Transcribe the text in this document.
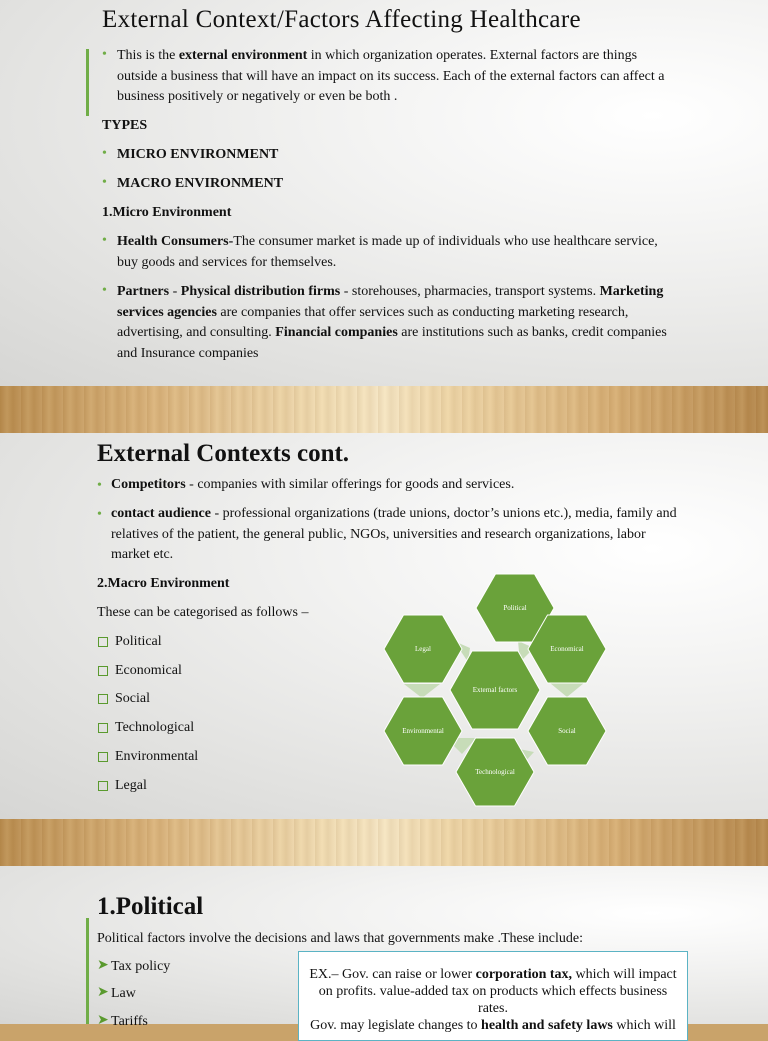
External Context/Factors Affecting Healthcare
• This is the external environment in which organization operates. External factors are things
outside a business that will have an impact on its success. Each of the external factors can affect a
business positively or negatively or even be both .

TYPES

• MICRO ENVIRONMENT

• MACRO ENVIRONMENT

1.Micro Environment

• Health Consumers-The consumer market is made up of individuals who use healthcare service,
buy goods and services for themselves.

• Partners - Physical distribution firms - storehouses, pharmacies, transport systems. Marketing
services agencies are companies that offer services such as conducting marketing research,
advertising, and consulting. Financial companies are institutions such as banks, credit companies
and Insurance companies

External Contexts cont.
• Competitors - companies with similar offerings for goods and services.

• contact audience - professional organizations (trade unions, doctor’s unions etc.), media, family and
relatives of the patient, the general public, NGOs, universities and research organizations, labor
market etc.

2.Macro Environment

These can be categorised as follows –

Political

Economical

Social

Technological

Environmental

Legal

Political
Economical
Social
Technological
Environmental
Legal
External factors
1.Political

Political factors involve the decisions and laws that governments make .These include:

➤ Tax policy

➤ Law

➤ Tariffs

EX.– Gov. can raise or lower corporation tax, which will impact
on profits. value-added tax on products which effects business
rates.
Gov. may legislate changes to health and safety laws which will
